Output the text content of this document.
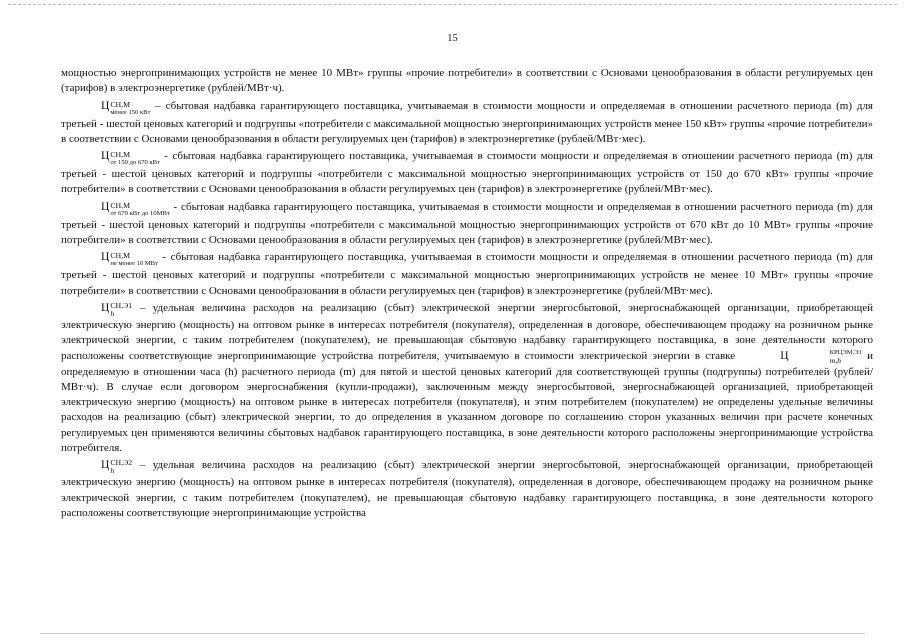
15

мощностью энергопринимающих устройств не менее 10 МВт» группы «прочие потребители» в соответствии с Основами ценообразования в области регулируемых цен (тарифов) в электроэнергетике (рублей/МВт·ч).

Ц СН,М
менее 150 кВт
– сбытовая надбавка гарантирующего поставщика, учитываемая в стоимости мощности и определяемая в отношении расчетного периода (m) для третьей - шестой ценовых категорий и подгруппы «потребители с максимальной мощностью энергопринимающих устройств менее 150 кВт» группы «прочие потребители» в соответствии с Основами ценообразования в области регулируемых цен (тарифов) в электроэнергетике (рублей/МВт·мес).

Ц СН,М
от 150 до 670 кВт
- сбытовая надбавка гарантирующего поставщика, учитываемая в стоимости мощности и определяемая в отношении расчетного периода (m) для третьей - шестой ценовых категорий и подгруппы «потребители с максимальной мощностью энергопринимающих устройств от 150 до 670 кВт» группы «прочие потребители» в соответствии с Основами ценообразования в области регулируемых цен (тарифов) в электроэнергетике (рублей/МВт·мес).

Ц СН,М
от 670 кВт до 10МВт
- сбытовая надбавка гарантирующего поставщика, учитываемая в стоимости мощности и определяемая в отношении расчетного периода (m) для третьей - шестой ценовых категорий и подгруппы «потребители с максимальной мощностью энергопринимающих устройств от 670 кВт до 10 МВт» группы «прочие потребители» в соответствии с Основами ценообразования в области регулируемых цен (тарифов) в электроэнергетике (рублей/МВт·мес).

Ц СН,М
не менее 10 МВт
- сбытовая надбавка гарантирующего поставщика, учитываемая в стоимости мощности и определяемая в отношении расчетного периода (m) для третьей - шестой ценовых категорий и подгруппы «потребители с максимальной мощностью энергопринимающих устройств не менее 10 МВт» группы «прочие потребители» в соответствии с Основами ценообразования в области регулируемых цен (тарифов) в электроэнергетике (рублей/МВт·мес).

Ц СН,Э1
h	– удельная величина расходов на реализацию (сбыт) электрической энергии энергосбытовой, энергоснабжающей организации, приобретающей электрическую энергию (мощность) на оптовом рынке в интересах потребителя (покупателя), определенная в договоре, обеспечивающем продажу на розничном рынке электрической энергии, с таким потребителем (покупателем), не превышающая сбытовую надбавку гарантирующего поставщика, в зоне деятельности которого расположены соответствующие энергопринимающие устройства потребителя, учитываемую в стоимости электрической энергии в ставке	Ц	КРЦЭМ,Э1
m,h	и определяемую в отношении часа (h) расчетного периода (m) для пятой и шестой ценовых категорий для соответствующей группы (подгруппы) потребителей (рублей/МВт·ч). В случае если договором энергоснабжения (купли-продажи), заключенным между энергосбытовой, энергоснабжающей организацией, приобретающей электрическую энергию (мощность) на оптовом рынке в интересах потребителя (покупателя), и этим потребителем (покупателем) не определены удельные величины расходов на реализацию (сбыт) электрической энергии, то до определения в указанном договоре по соглашению сторон указанных величин при расчете конечных регулируемых цен применяются величины сбытовых надбавок гарантирующего поставщика, в зоне деятельности которого расположены энергопринимающие устройства потребителя.

Ц СН,Э2
h	– удельная величина расходов на реализацию (сбыт) электрической энергии энергосбытовой, энергоснабжающей организации, приобретающей электрическую энергию (мощность) на оптовом рынке в интересах потребителя (покупателя), определенная в договоре, обеспечивающем продажу на розничном рынке электрической энергии, с таким потребителем (покупателем), не превышающая сбытовую надбавку гарантирующего поставщика, в зоне деятельности которого расположены соответствующие энергопринимающие устройства
